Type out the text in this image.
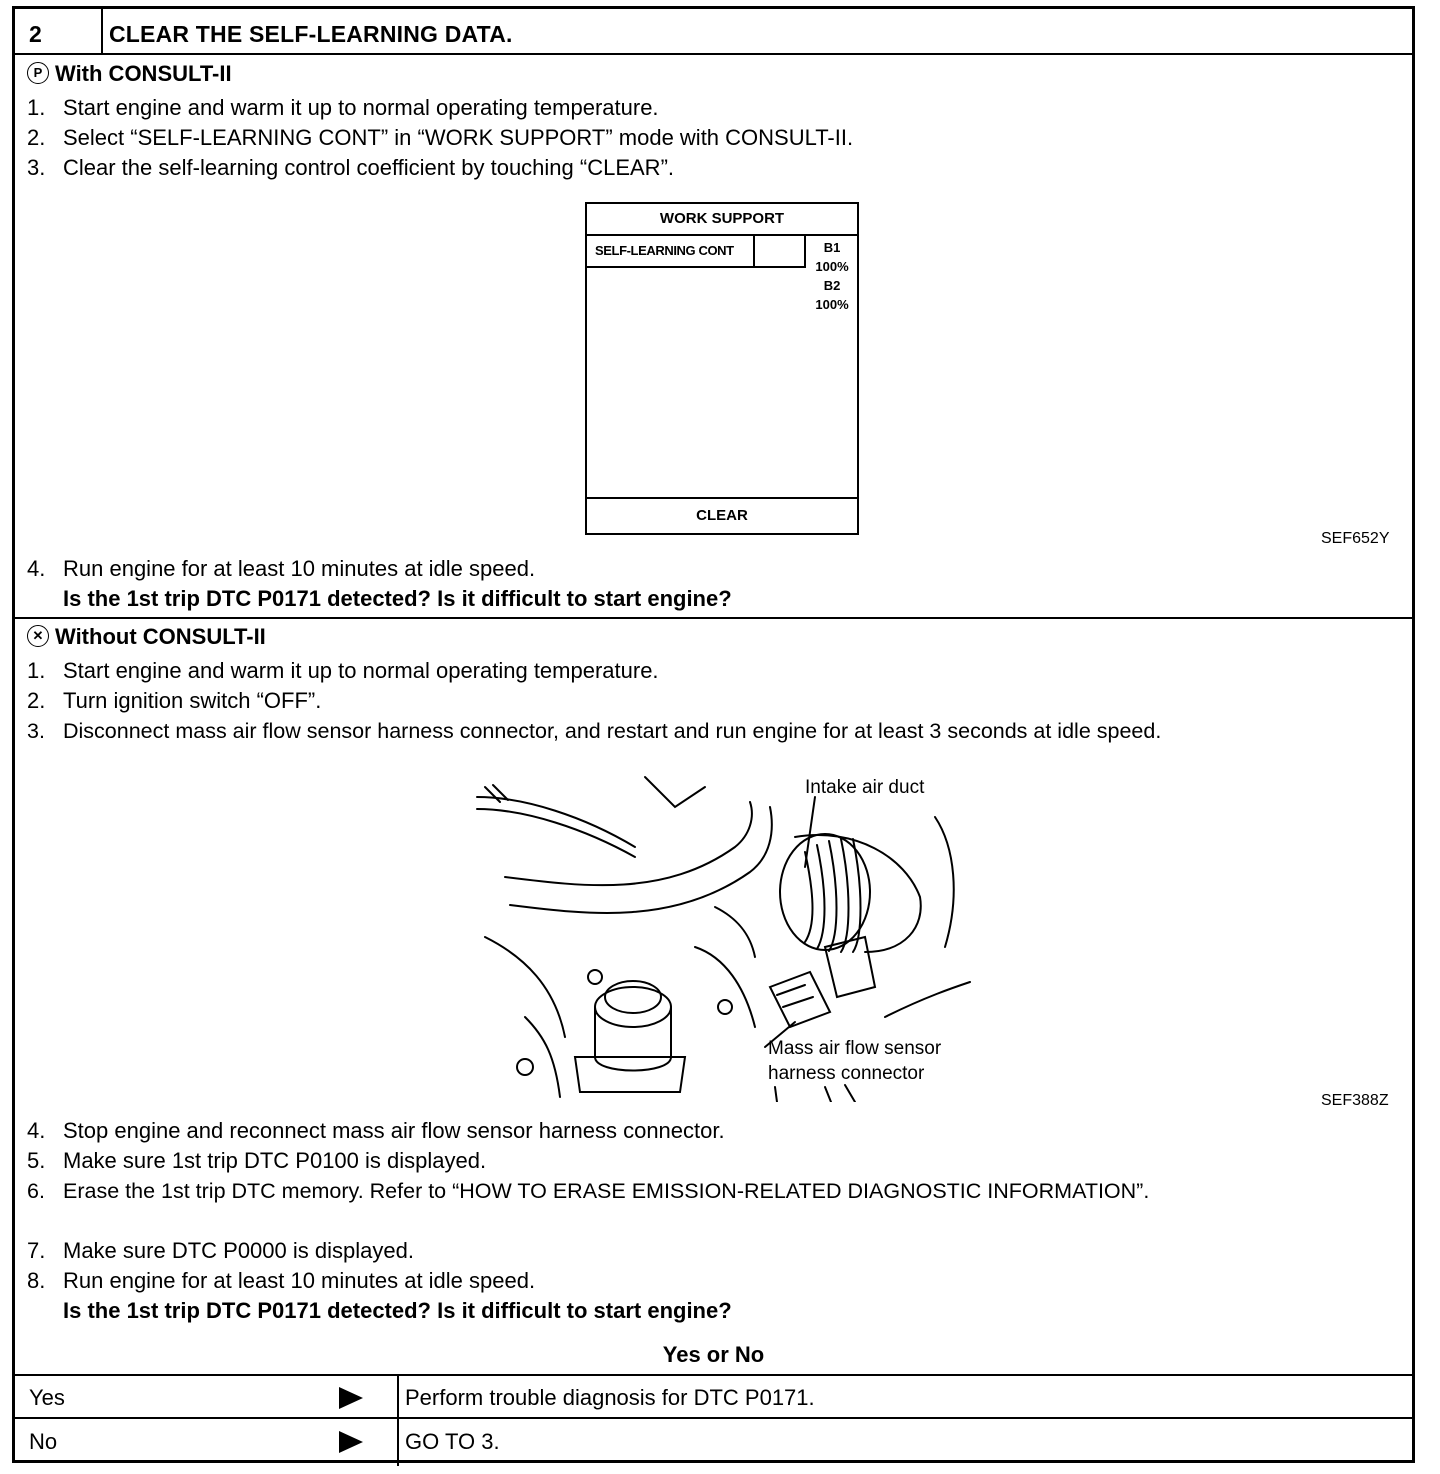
2	CLEAR THE SELF-LEARNING DATA.
P With CONSULT-II
1. Start engine and warm it up to normal operating temperature.
2. Select “SELF-LEARNING CONT” in “WORK SUPPORT” mode with CONSULT-II.
3. Clear the self-learning control coefficient by touching “CLEAR”.
WORK SUPPORT
SELF-LEARNING CONT	B1
100%
B2
100%
CLEAR
SEF652Y
4. Run engine for at least 10 minutes at idle speed.
Is the 1st trip DTC P0171 detected? Is it difficult to start engine?
✕ Without CONSULT-II
1. Start engine and warm it up to normal operating temperature.
2. Turn ignition switch “OFF”.
3. Disconnect mass air flow sensor harness connector, and restart and run engine for at least 3 seconds at idle speed.
Intake air duct
Mass air flow sensor
harness connector
SEF388Z
4. Stop engine and reconnect mass air flow sensor harness connector.
5. Make sure 1st trip DTC P0100 is displayed.
6. Erase the 1st trip DTC memory. Refer to “HOW TO ERASE EMISSION-RELATED DIAGNOSTIC INFORMATION”.
7. Make sure DTC P0000 is displayed.
8. Run engine for at least 10 minutes at idle speed.
Is the 1st trip DTC P0171 detected? Is it difficult to start engine?
Yes or No
Yes	Perform trouble diagnosis for DTC P0171.
No	GO TO 3.
